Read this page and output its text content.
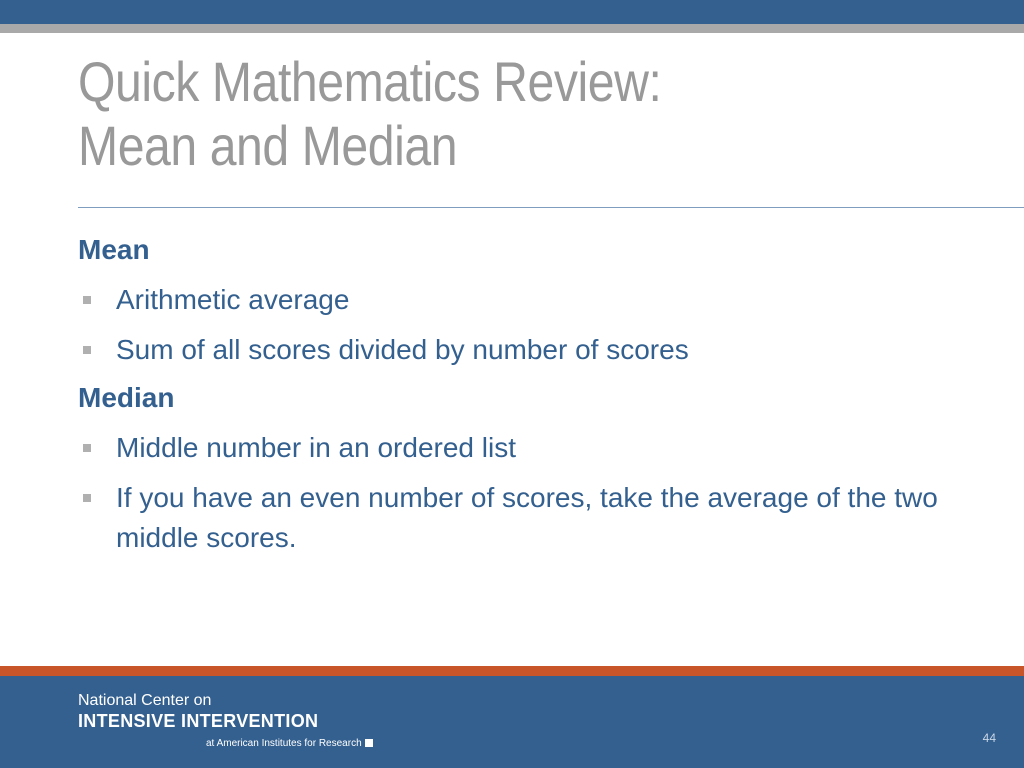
Quick Mathematics Review:
Mean and Median
Mean
Arithmetic average
Sum of all scores divided by number of scores
Median
Middle number in an ordered list
If you have an even number of scores, take the average of the two middle scores.
National Center on
INTENSIVE INTERVENTION
at American Institutes for Research	44
